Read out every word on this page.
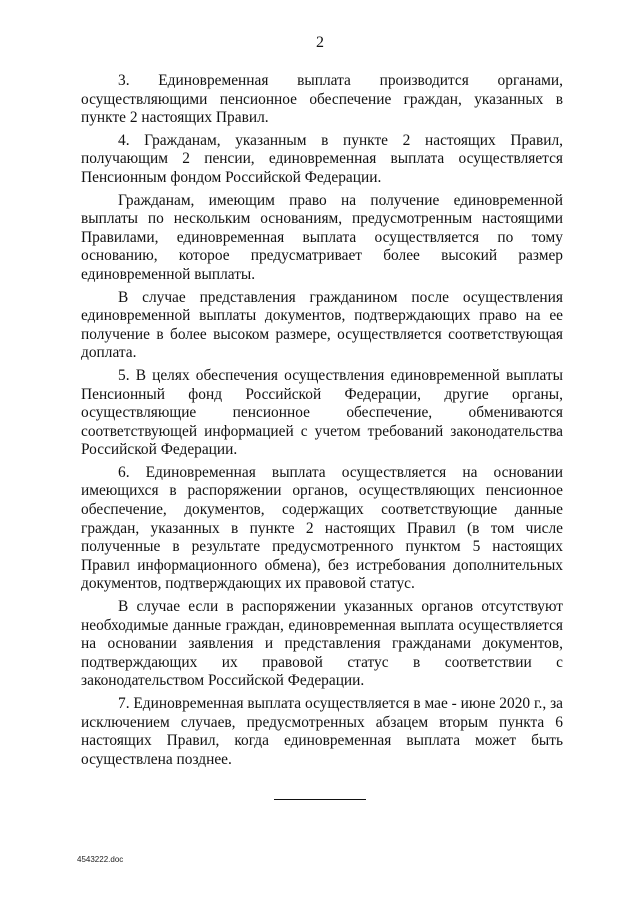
2

3. Единовременная выплата производится органами, осуществляющими пенсионное обеспечение граждан, указанных в пункте 2 настоящих Правил.

4. Гражданам, указанным в пункте 2 настоящих Правил, получающим 2 пенсии, единовременная выплата осуществляется Пенсионным фондом Российской Федерации.

Гражданам, имеющим право на получение единовременной выплаты по нескольким основаниям, предусмотренным настоящими Правилами, единовременная выплата осуществляется по тому основанию, которое предусматривает более высокий размер единовременной выплаты.

В случае представления гражданином после осуществления единовременной выплаты документов, подтверждающих право на ее получение в более высоком размере, осуществляется соответствующая доплата.

5. В целях обеспечения осуществления единовременной выплаты Пенсионный фонд Российской Федерации, другие органы, осуществляющие пенсионное обеспечение, обмениваются соответствующей информацией с учетом требований законодательства Российской Федерации.

6. Единовременная выплата осуществляется на основании имеющихся в распоряжении органов, осуществляющих пенсионное обеспечение, документов, содержащих соответствующие данные граждан, указанных в пункте 2 настоящих Правил (в том числе полученные в результате предусмотренного пунктом 5 настоящих Правил информационного обмена), без истребования дополнительных документов, подтверждающих их правовой статус.

В случае если в распоряжении указанных органов отсутствуют необходимые данные граждан, единовременная выплата осуществляется на основании заявления и представления гражданами документов, подтверждающих их правовой статус в соответствии с законодательством Российской Федерации.

7. Единовременная выплата осуществляется в мае - июне 2020 г., за исключением случаев, предусмотренных абзацем вторым пункта 6 настоящих Правил, когда единовременная выплата может быть осуществлена позднее.

4543222.doc
